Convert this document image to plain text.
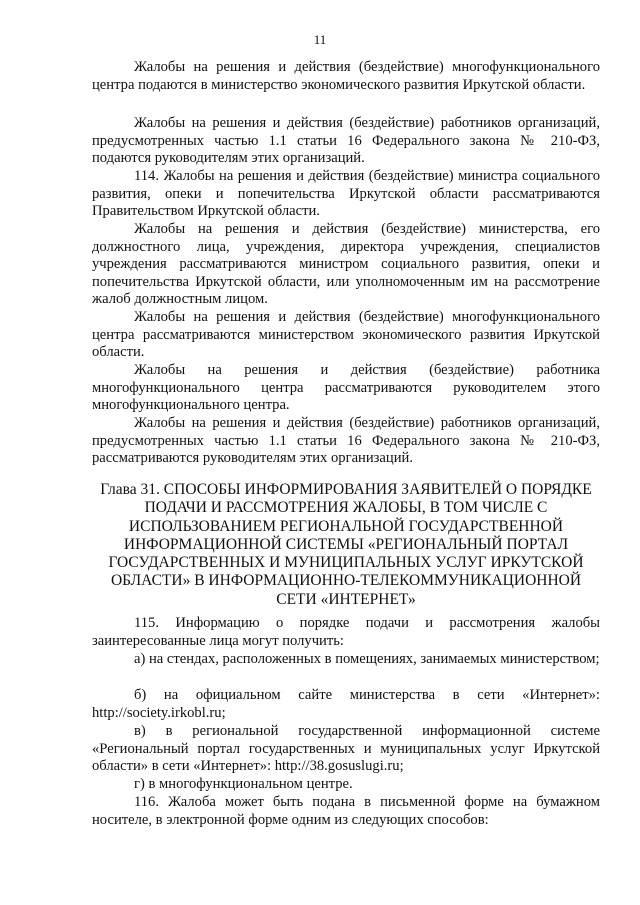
11

Жалобы на решения и действия (бездействие) многофункционального центра подаются в министерство экономического развития Иркутской области.

Жалобы на решения и действия (бездействие) работников организаций, предусмотренных частью 1.1 статьи 16 Федерального закона № 210-ФЗ, подаются руководителям этих организаций.

114. Жалобы на решения и действия (бездействие) министра социального развития, опеки и попечительства Иркутской области рассматриваются Правительством Иркутской области.

Жалобы на решения и действия (бездействие) министерства, его должностного лица, учреждения, директора учреждения, специалистов учреждения рассматриваются министром социального развития, опеки и попечительства Иркутской области, или уполномоченным им на рассмотрение жалоб должностным лицом.

Жалобы на решения и действия (бездействие) многофункционального центра рассматриваются министерством экономического развития Иркутской области.

Жалобы на решения и действия (бездействие) работника многофункционального центра рассматриваются руководителем этого многофункционального центра.

Жалобы на решения и действия (бездействие) работников организаций, предусмотренных частью 1.1 статьи 16 Федерального закона № 210-ФЗ, рассматриваются руководителям этих организаций.

Глава 31. СПОСОБЫ ИНФОРМИРОВАНИЯ ЗАЯВИТЕЛЕЙ О ПОРЯДКЕ ПОДАЧИ И РАССМОТРЕНИЯ ЖАЛОБЫ, В ТОМ ЧИСЛЕ С ИСПОЛЬЗОВАНИЕМ РЕГИОНАЛЬНОЙ ГОСУДАРСТВЕННОЙ ИНФОРМАЦИОННОЙ СИСТЕМЫ «РЕГИОНАЛЬНЫЙ ПОРТАЛ ГОСУДАРСТВЕННЫХ И МУНИЦИПАЛЬНЫХ УСЛУГ ИРКУТСКОЙ ОБЛАСТИ» В ИНФОРМАЦИОННО-ТЕЛЕКОММУНИКАЦИОННОЙ СЕТИ «ИНТЕРНЕТ»

115. Информацию о порядке подачи и рассмотрения жалобы заинтересованные лица могут получить:

а) на стендах, расположенных в помещениях, занимаемых министерством;

б) на официальном сайте министерства в сети «Интернет»: http://society.irkobl.ru;

в) в региональной государственной информационной системе «Региональный портал государственных и муниципальных услуг Иркутской области» в сети «Интернет»: http://38.gosuslugi.ru;

г) в многофункциональном центре.

116. Жалоба может быть подана в письменной форме на бумажном носителе, в электронной форме одним из следующих способов:
